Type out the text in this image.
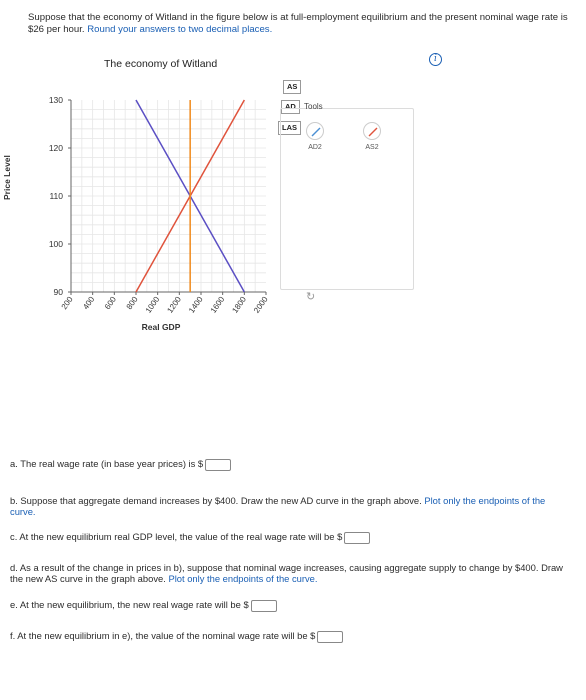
Suppose that the economy of Witland in the figure below is at full-employment equilibrium and the present nominal wage rate is $26 per hour. Round your answers to two decimal places.
The economy of Witland	i
Price Level
90
100
110
120
130
200 400 600 800 1000 1200 1400 1600 1800 2000
Real GDP
AS
AD
LAS
Tools
AD2	AS2
↻
a. The real wage rate (in base year prices) is $
b. Suppose that aggregate demand increases by $400. Draw the new AD curve in the graph above. Plot only the endpoints of the curve.
c. At the new equilibrium real GDP level, the value of the real wage rate will be $
d. As a result of the change in prices in b), suppose that nominal wage increases, causing aggregate supply to change by $400. Draw the new AS curve in the graph above. Plot only the endpoints of the curve.
e. At the new equilibrium, the new real wage rate will be $
f. At the new equilibrium in e), the value of the nominal wage rate will be $
